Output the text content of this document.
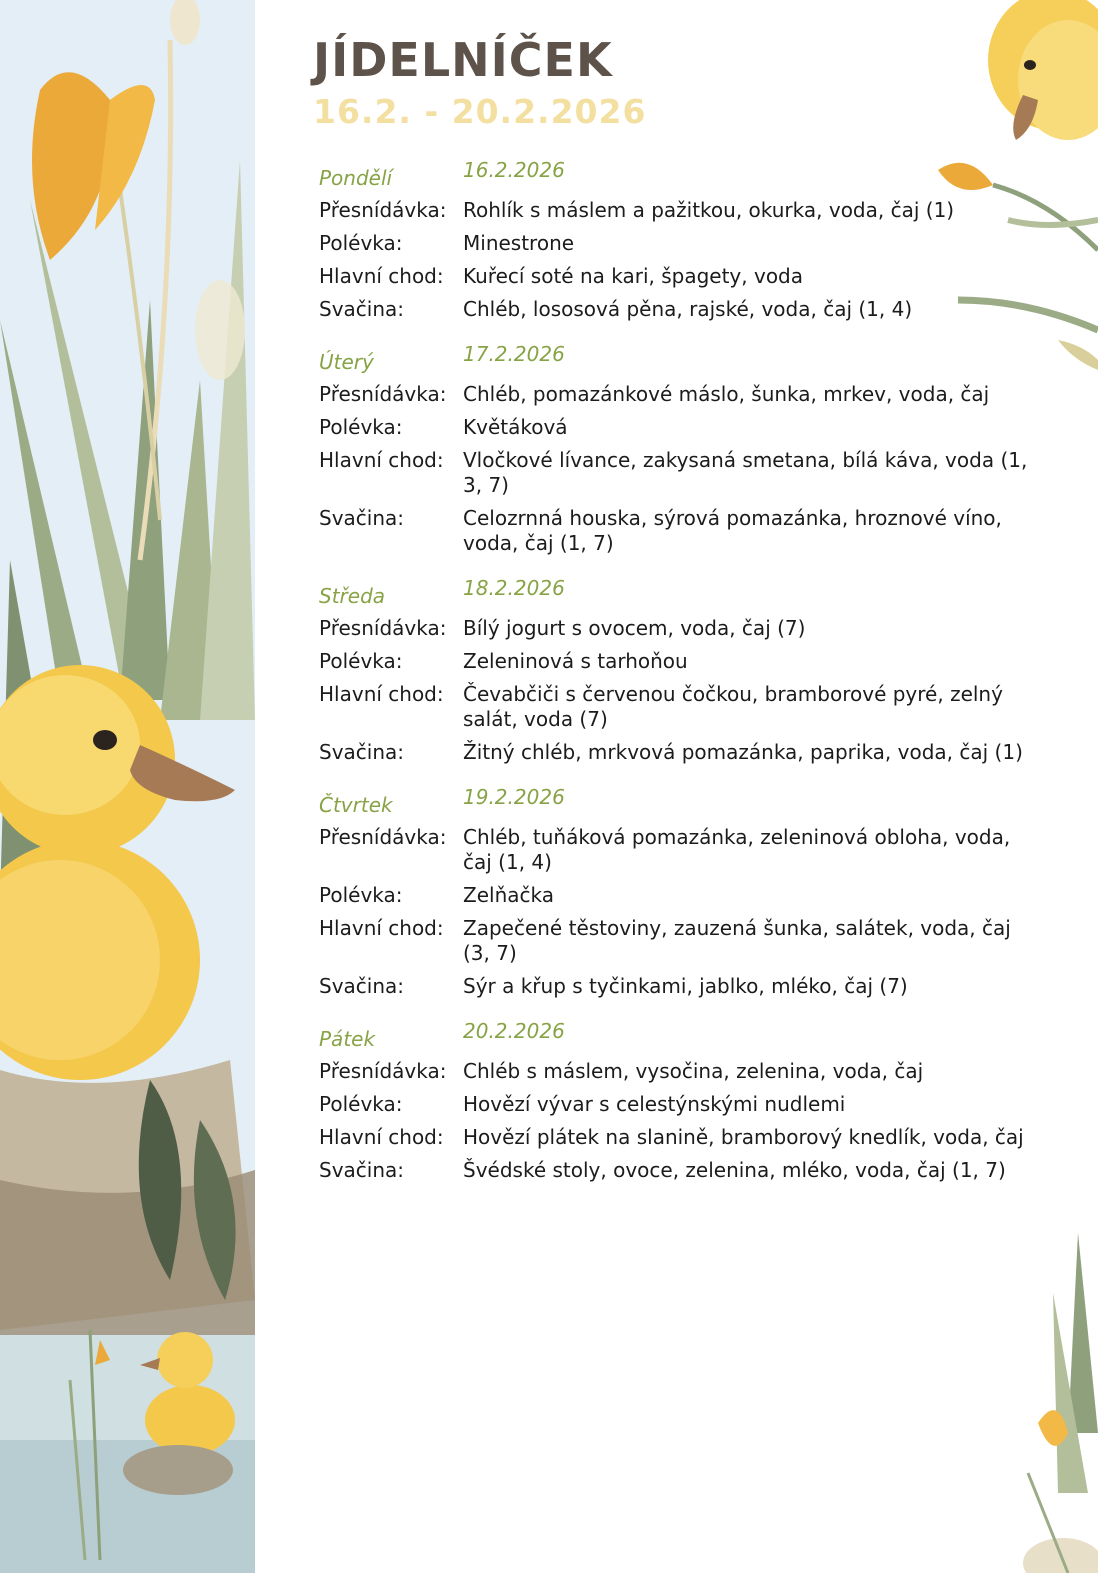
JÍDELNÍČEK
16.2. - 20.2.2026
Pondělí	16.2.2026
Přesnídávka: Rohlík s máslem a pažitkou, okurka, voda, čaj (1)
Polévka:	Minestrone
Hlavní chod: Kuřecí soté na kari, špagety, voda
Svačina:	Chléb, lososová pěna, rajské, voda, čaj (1, 4)
Úterý	17.2.2026
Přesnídávka: Chléb, pomazánkové máslo, šunka, mrkev, voda, čaj
Polévka:	Květáková
Hlavní chod: Vločkové lívance, zakysaná smetana, bílá káva, voda (1, 3, 7)
Svačina:	Celozrnná houska, sýrová pomazánka, hroznové víno, voda, čaj (1, 7)
Středa	18.2.2026
Přesnídávka: Bílý jogurt s ovocem, voda, čaj (7)
Polévka:	Zeleninová s tarhoňou
Hlavní chod: Čevabčiči s červenou čočkou, bramborové pyré, zelný salát, voda (7)
Svačina:	Žitný chléb, mrkvová pomazánka, paprika, voda, čaj (1)
Čtvrtek	19.2.2026
Přesnídávka: Chléb, tuňáková pomazánka, zeleninová obloha, voda, čaj (1, 4)
Polévka:	Zelňačka
Hlavní chod: Zapečené těstoviny, zauzená šunka, salátek, voda, čaj (3, 7)
Svačina:	Sýr a křup s tyčinkami, jablko, mléko, čaj (7)
Pátek	20.2.2026
Přesnídávka: Chléb s máslem, vysočina, zelenina, voda, čaj
Polévka:	Hovězí vývar s celestýnskými nudlemi
Hlavní chod: Hovězí plátek na slanině, bramborový knedlík, voda, čaj
Svačina:	Švédské stoly, ovoce, zelenina, mléko, voda, čaj (1, 7)
